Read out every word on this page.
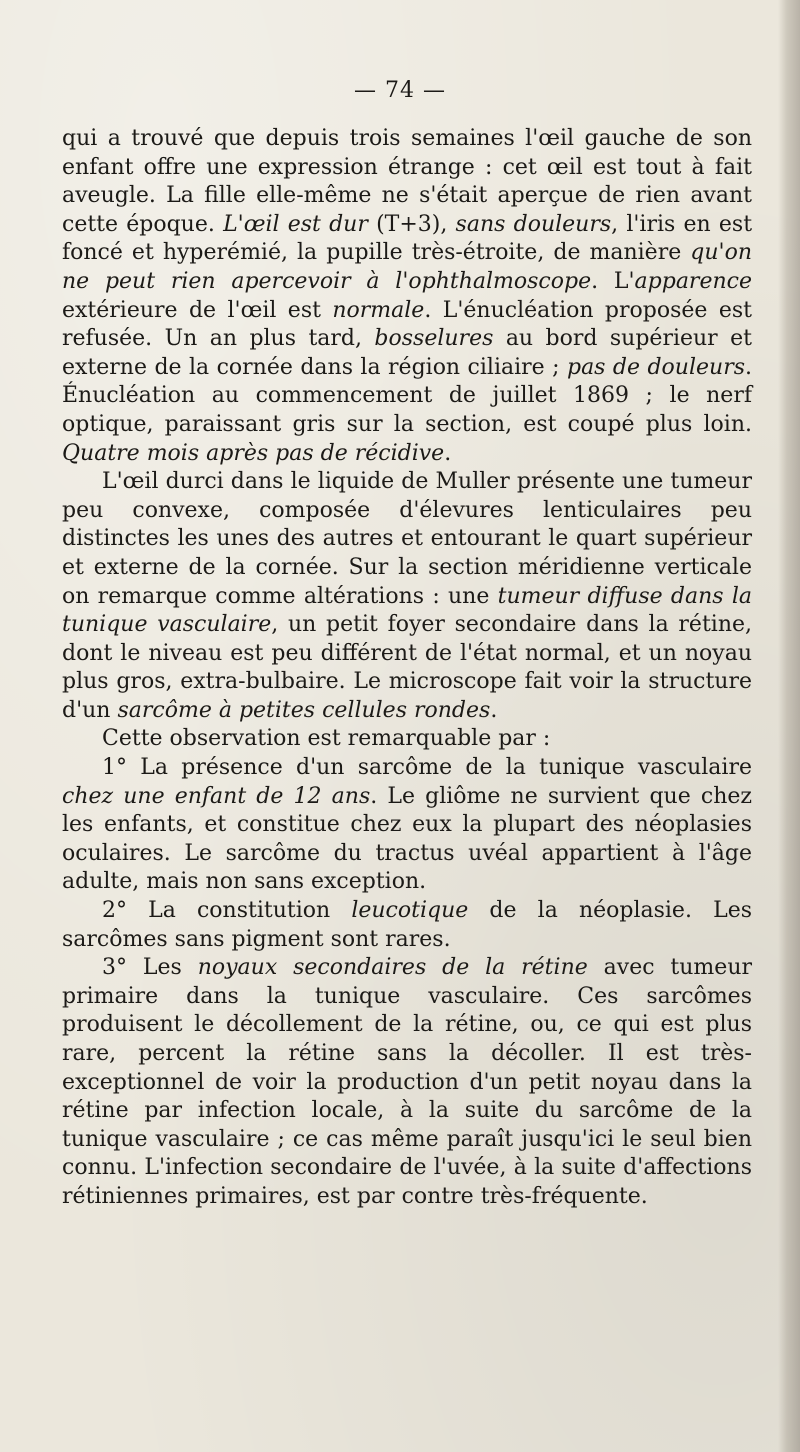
— 74 —

qui a trouvé que depuis trois semaines l'œil gauche de son enfant offre une expression étrange : cet œil est tout à fait aveugle. La fille elle-même ne s'était aperçue de rien avant cette époque. L'œil est dur (T+3), sans douleurs, l'iris en est foncé et hyperémié, la pupille très-étroite, de manière qu'on ne peut rien apercevoir à l'ophthalmoscope. L'apparence extérieure de l'œil est normale. L'énucléation proposée est refusée. Un an plus tard, bosselures au bord supérieur et externe de la cornée dans la région ciliaire ; pas de douleurs. Énucléation au commencement de juillet 1869 ; le nerf optique, paraissant gris sur la section, est coupé plus loin. Quatre mois après pas de récidive.

L'œil durci dans le liquide de Muller présente une tumeur peu convexe, composée d'élevures lenticulaires peu distinctes les unes des autres et entourant le quart supérieur et externe de la cornée. Sur la section méridienne verticale on remarque comme altérations : une tumeur diffuse dans la tunique vasculaire, un petit foyer secondaire dans la rétine, dont le niveau est peu différent de l'état normal, et un noyau plus gros, extra-bulbaire. Le microscope fait voir la structure d'un sarcôme à petites cellules rondes.

Cette observation est remarquable par :

1° La présence d'un sarcôme de la tunique vasculaire chez une enfant de 12 ans. Le gliôme ne survient que chez les enfants, et constitue chez eux la plupart des néoplasies oculaires. Le sarcôme du tractus uvéal appartient à l'âge adulte, mais non sans exception.

2° La constitution leucotique de la néoplasie. Les sarcômes sans pigment sont rares.

3° Les noyaux secondaires de la rétine avec tumeur primaire dans la tunique vasculaire. Ces sarcômes produisent le décollement de la rétine, ou, ce qui est plus rare, percent la rétine sans la décoller. Il est très-exceptionnel de voir la production d'un petit noyau dans la rétine par infection locale, à la suite du sarcôme de la tunique vasculaire ; ce cas même paraît jusqu'ici le seul bien connu. L'infection secondaire de l'uvée, à la suite d'affections rétiniennes primaires, est par contre très-fréquente.
